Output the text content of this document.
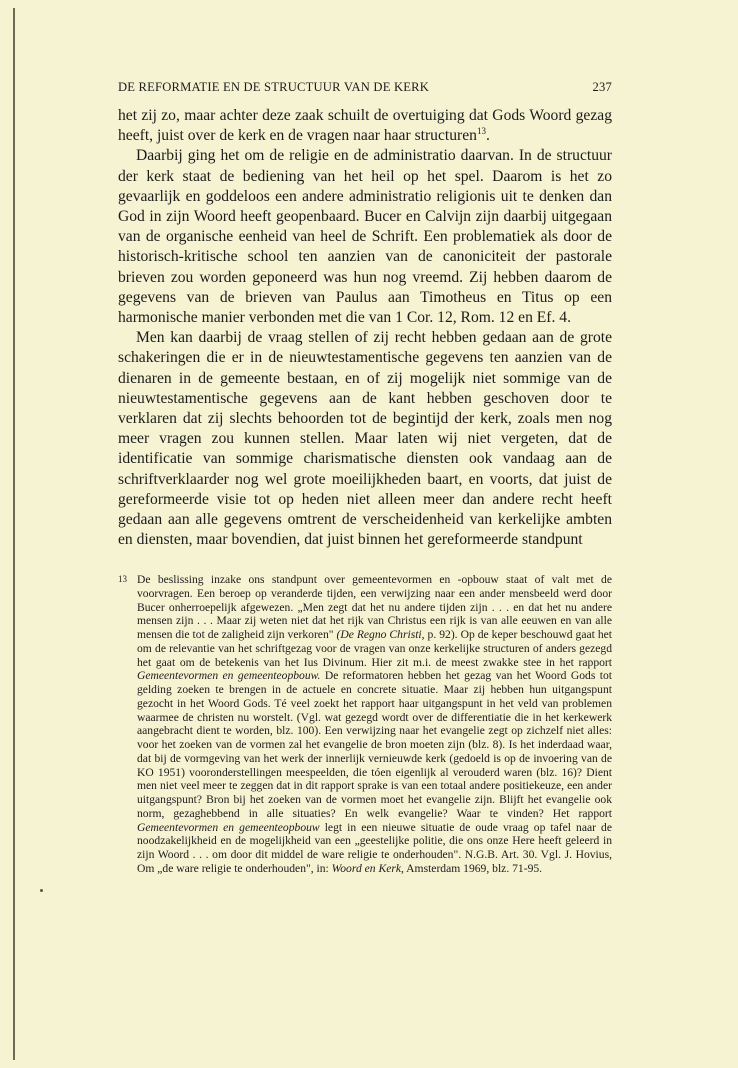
DE REFORMATIE EN DE STRUCTUUR VAN DE KERK	237

het zij zo, maar achter deze zaak schuilt de overtuiging dat Gods Woord gezag heeft, juist over de kerk en de vragen naar haar structuren$^{13}$.

Daarbij ging het om de religie en de administratio daarvan. In de structuur der kerk staat de bediening van het heil op het spel. Daarom is het zo gevaarlijk en goddeloos een andere administratio religionis uit te denken dan God in zijn Woord heeft geopenbaard. Bucer en Calvijn zijn daarbij uitgegaan van de organische eenheid van heel de Schrift. Een problematiek als door de historisch-kritische school ten aanzien van de canoniciteit der pastorale brieven zou worden geponeerd was hun nog vreemd. Zij hebben daarom de gegevens van de brieven van Paulus aan Timotheus en Titus op een harmonische manier verbonden met die van 1 Cor. 12, Rom. 12 en Ef. 4.

Men kan daarbij de vraag stellen of zij recht hebben gedaan aan de grote schakeringen die er in de nieuwtestamentische gegevens ten aanzien van de dienaren in de gemeente bestaan, en of zij mogelijk niet sommige van de nieuwtestamentische gegevens aan de kant hebben geschoven door te verklaren dat zij slechts behoorden tot de begintijd der kerk, zoals men nog meer vragen zou kunnen stellen. Maar laten wij niet vergeten, dat de identificatie van sommige charismatische diensten ook vandaag aan de schriftverklaarder nog wel grote moeilijkheden baart, en voorts, dat juist de gereformeerde visie tot op heden niet alleen meer dan andere recht heeft gedaan aan alle gegevens omtrent de verscheidenheid van kerkelijke ambten en diensten, maar bovendien, dat juist binnen het gereformeerde standpunt

13 De beslissing inzake ons standpunt over gemeentevormen en -opbouw staat of valt met de voorvragen. Een beroep op veranderde tijden, een verwijzing naar een ander mensbeeld werd door Bucer onherroepelijk afgewezen. „Men zegt dat het nu andere tijden zijn . . . en dat het nu andere mensen zijn . . . Maar zij weten niet dat het rijk van Christus een rijk is van alle eeuwen en van alle mensen die tot de zaligheid zijn verkoren" (De Regno Christi, p. 92). Op de keper beschouwd gaat het om de relevantie van het schriftgezag voor de vragen van onze kerkelijke structuren of anders gezegd het gaat om de betekenis van het Ius Divinum. Hier zit m.i. de meest zwakke stee in het rapport Gemeentevormen en gemeenteopbouw. De reformatoren hebben het gezag van het Woord Gods tot gelding zoeken te brengen in de actuele en concrete situatie. Maar zij hebben hun uitgangspunt gezocht in het Woord Gods. Té veel zoekt het rapport haar uitgangspunt in het veld van problemen waarmee de christen nu worstelt. (Vgl. wat gezegd wordt over de differentiatie die in het kerkewerk aangebracht dient te worden, blz. 100). Een verwijzing naar het evangelie zegt op zichzelf niet alles: voor het zoeken van de vormen zal het evangelie de bron moeten zijn (blz. 8). Is het inderdaad waar, dat bij de vormgeving van het werk der innerlijk vernieuwde kerk (gedoeld is op de invoering van de KO 1951) vooronderstellingen meespeelden, die tóen eigenlijk al verouderd waren (blz. 16)? Dient men niet veel meer te zeggen dat in dit rapport sprake is van een totaal andere positiekeuze, een ander uitgangspunt? Bron bij het zoeken van de vormen moet het evangelie zijn. Blijft het evangelie ook norm, gezaghebbend in alle situaties? En welk evangelie? Waar te vinden? Het rapport Gemeentevormen en gemeenteopbouw legt in een nieuwe situatie de oude vraag op tafel naar de noodzakelijkheid en de mogelijkheid van een „geestelijke politie, die ons onze Here heeft geleerd in zijn Woord . . . om door dit middel de ware religie te onderhouden". N.G.B. Art. 30. Vgl. J. Hovius, Om „de ware religie te onderhouden", in: Woord en Kerk, Amsterdam 1969, blz. 71-95.
